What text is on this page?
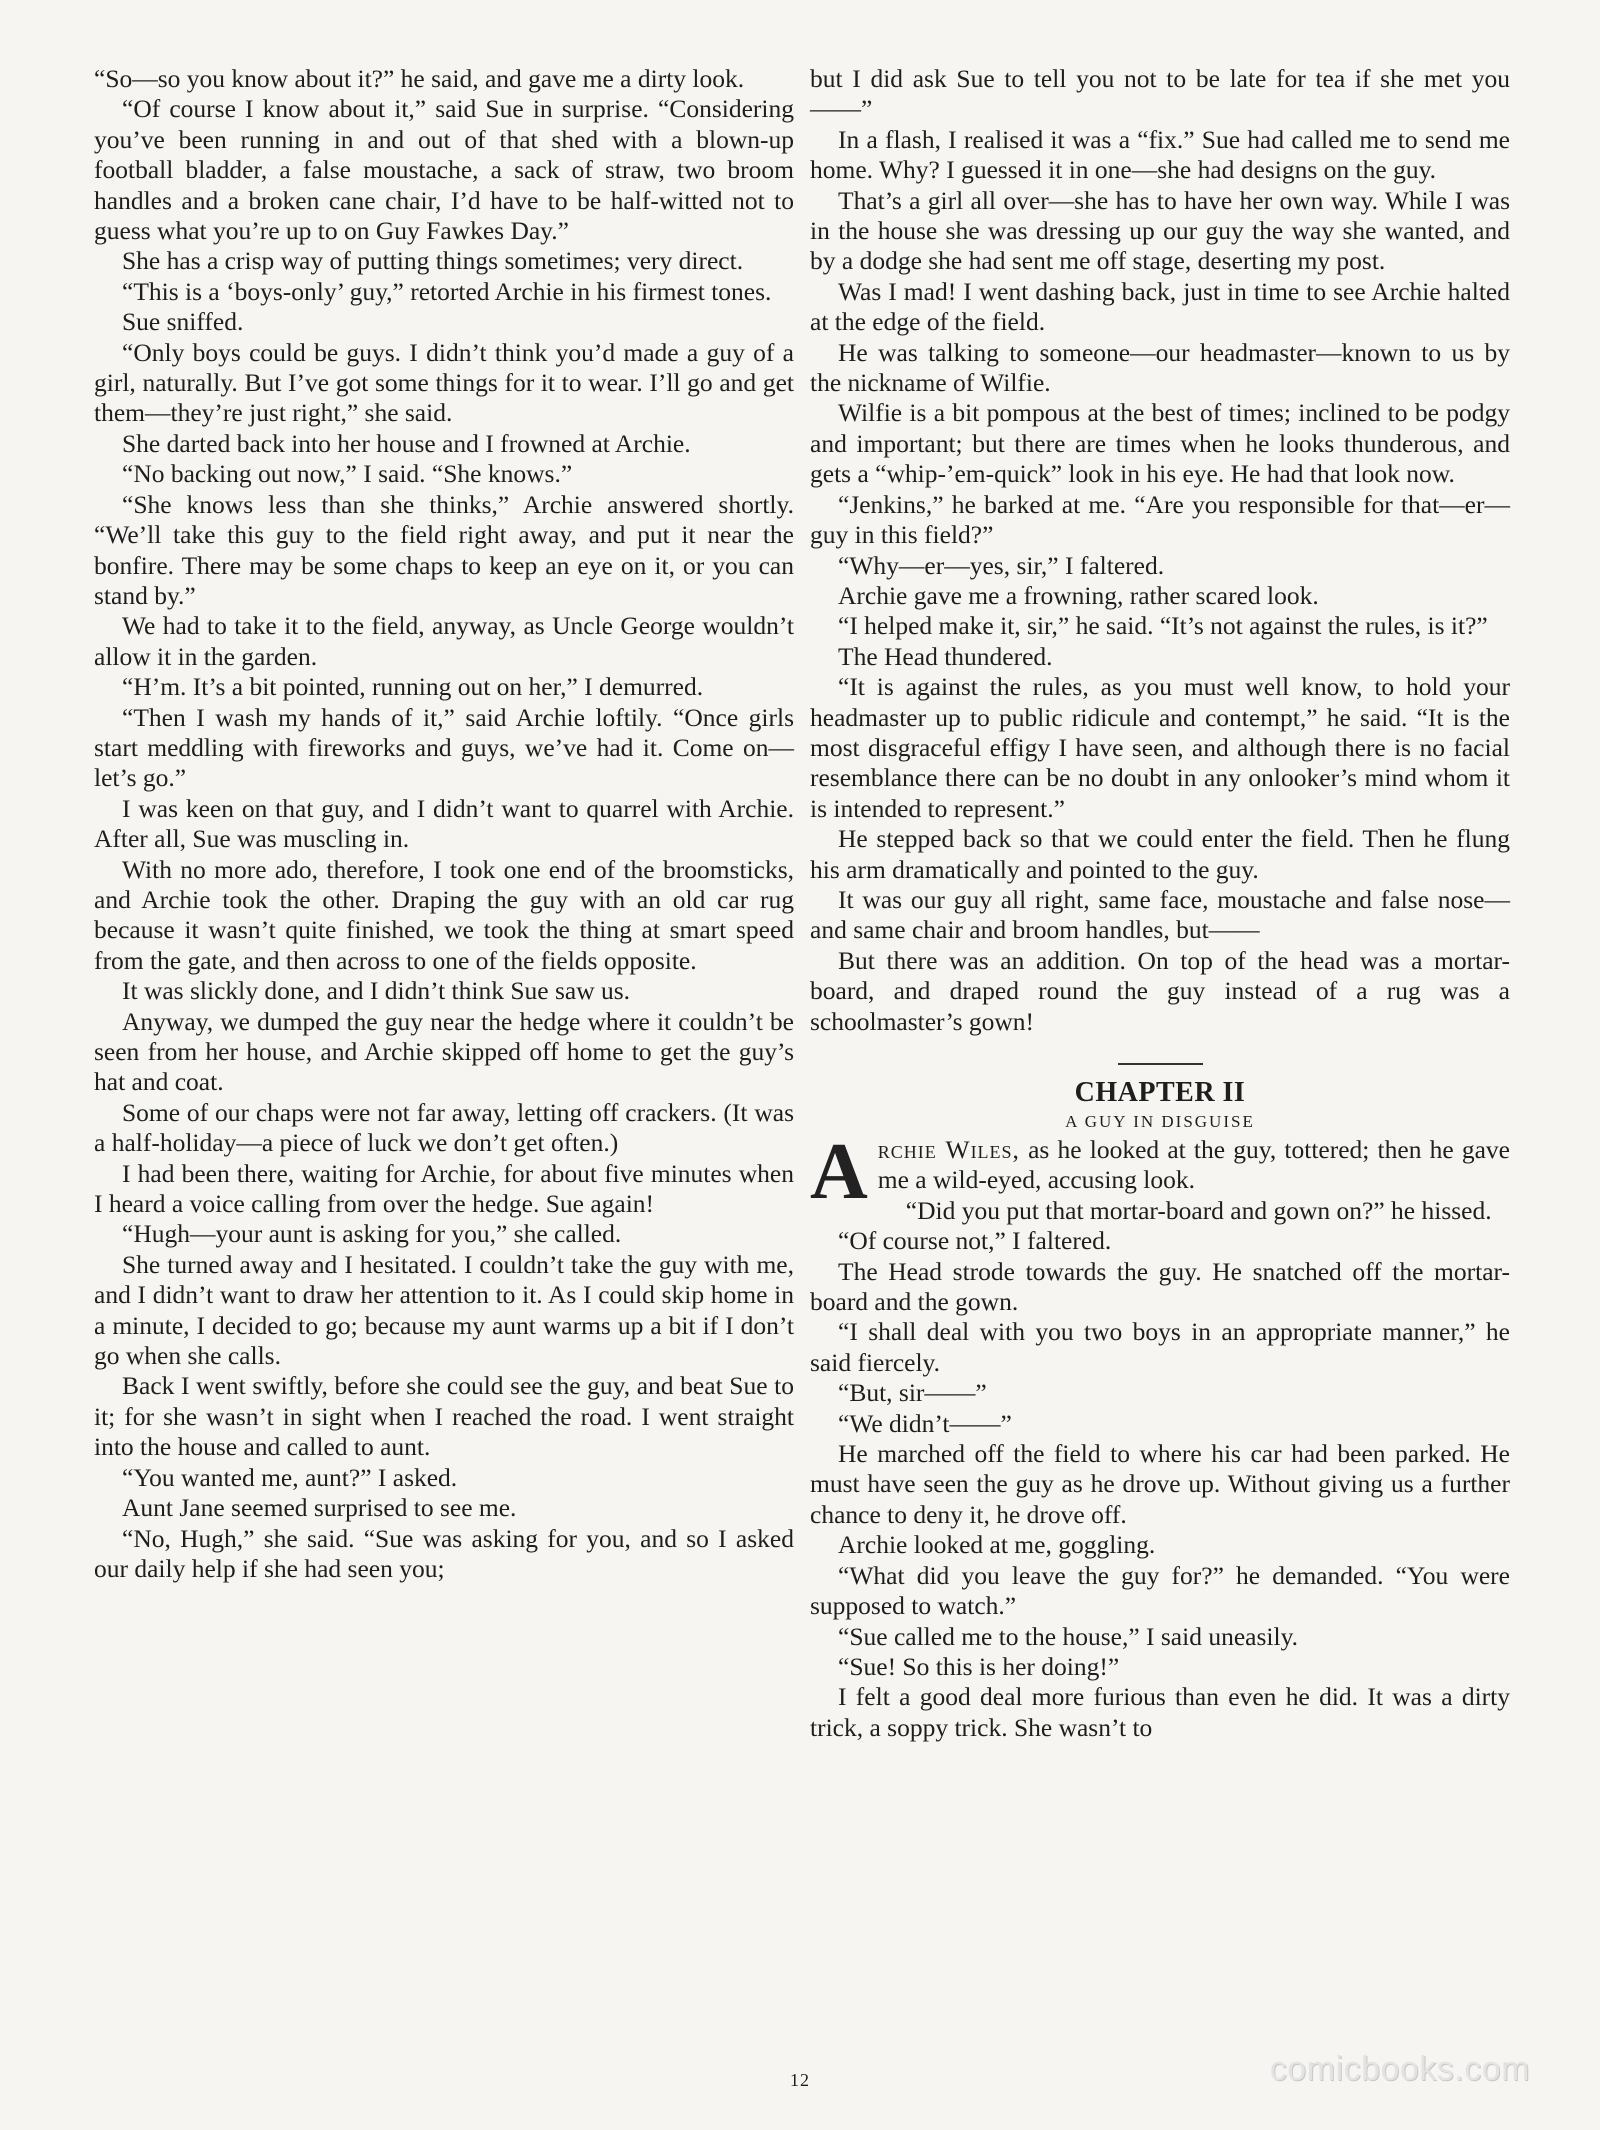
“So—so you know about it?” he said, and gave me a dirty look.

“Of course I know about it,” said Sue in surprise. “Considering you’ve been running in and out of that shed with a blown-up football bladder, a false moustache, a sack of straw, two broom handles and a broken cane chair, I’d have to be half-witted not to guess what you’re up to on Guy Fawkes Day.”

She has a crisp way of putting things sometimes; very direct.

“This is a ‘boys-only’ guy,” retorted Archie in his firmest tones.

Sue sniffed.

“Only boys could be guys. I didn’t think you’d made a guy of a girl, naturally. But I’ve got some things for it to wear. I’ll go and get them—they’re just right,” she said.

She darted back into her house and I frowned at Archie.

“No backing out now,” I said. “She knows.”

“She knows less than she thinks,” Archie answered shortly. “We’ll take this guy to the field right away, and put it near the bonfire. There may be some chaps to keep an eye on it, or you can stand by.”

We had to take it to the field, anyway, as Uncle George wouldn’t allow it in the garden.

“H’m. It’s a bit pointed, running out on her,” I demurred.

“Then I wash my hands of it,” said Archie loftily. “Once girls start meddling with fireworks and guys, we’ve had it. Come on—let’s go.”

I was keen on that guy, and I didn’t want to quarrel with Archie. After all, Sue was muscling in.

With no more ado, therefore, I took one end of the broomsticks, and Archie took the other. Draping the guy with an old car rug because it wasn’t quite finished, we took the thing at smart speed from the gate, and then across to one of the fields opposite.

It was slickly done, and I didn’t think Sue saw us.

Anyway, we dumped the guy near the hedge where it couldn’t be seen from her house, and Archie skipped off home to get the guy’s hat and coat.

Some of our chaps were not far away, letting off crackers. (It was a half-holiday—a piece of luck we don’t get often.)

I had been there, waiting for Archie, for about five minutes when I heard a voice calling from over the hedge. Sue again!

“Hugh—your aunt is asking for you,” she called.

She turned away and I hesitated. I couldn’t take the guy with me, and I didn’t want to draw her attention to it. As I could skip home in a minute, I decided to go; because my aunt warms up a bit if I don’t go when she calls.

Back I went swiftly, before she could see the guy, and beat Sue to it; for she wasn’t in sight when I reached the road. I went straight into the house and called to aunt.

“You wanted me, aunt?” I asked.

Aunt Jane seemed surprised to see me.

“No, Hugh,” she said. “Sue was asking for you, and so I asked our daily help if she had seen you;

but I did ask Sue to tell you not to be late for tea if she met you——”

In a flash, I realised it was a “fix.” Sue had called me to send me home. Why? I guessed it in one—she had designs on the guy.

That’s a girl all over—she has to have her own way. While I was in the house she was dressing up our guy the way she wanted, and by a dodge she had sent me off stage, deserting my post.

Was I mad! I went dashing back, just in time to see Archie halted at the edge of the field.

He was talking to someone—our headmaster—known to us by the nickname of Wilfie.

Wilfie is a bit pompous at the best of times; inclined to be podgy and important; but there are times when he looks thunderous, and gets a “whip-’em-quick” look in his eye. He had that look now.

“Jenkins,” he barked at me. “Are you responsible for that—er—guy in this field?”

“Why—er—yes, sir,” I faltered.

Archie gave me a frowning, rather scared look.

“I helped make it, sir,” he said. “It’s not against the rules, is it?”

The Head thundered.

“It is against the rules, as you must well know, to hold your headmaster up to public ridicule and contempt,” he said. “It is the most disgraceful effigy I have seen, and although there is no facial resemblance there can be no doubt in any onlooker’s mind whom it is intended to represent.”

He stepped back so that we could enter the field. Then he flung his arm dramatically and pointed to the guy.

It was our guy all right, same face, moustache and false nose—and same chair and broom handles, but——

But there was an addition. On top of the head was a mortar-board, and draped round the guy instead of a rug was a schoolmaster’s gown!

CHAPTER II
A GUY IN DISGUISE

Archie Wiles, as he looked at the guy, tottered; then he gave me a wild-eyed, accusing look.

“Did you put that mortar-board and gown on?” he hissed.

“Of course not,” I faltered.

The Head strode towards the guy. He snatched off the mortar-board and the gown.

“I shall deal with you two boys in an appropriate manner,” he said fiercely.

“But, sir——”

“We didn’t——”

He marched off the field to where his car had been parked. He must have seen the guy as he drove up. Without giving us a further chance to deny it, he drove off.

Archie looked at me, goggling.

“What did you leave the guy for?” he demanded. “You were supposed to watch.”

“Sue called me to the house,” I said uneasily.

“Sue! So this is her doing!”

I felt a good deal more furious than even he did. It was a dirty trick, a soppy trick. She wasn’t to

12	comicbooks.com
